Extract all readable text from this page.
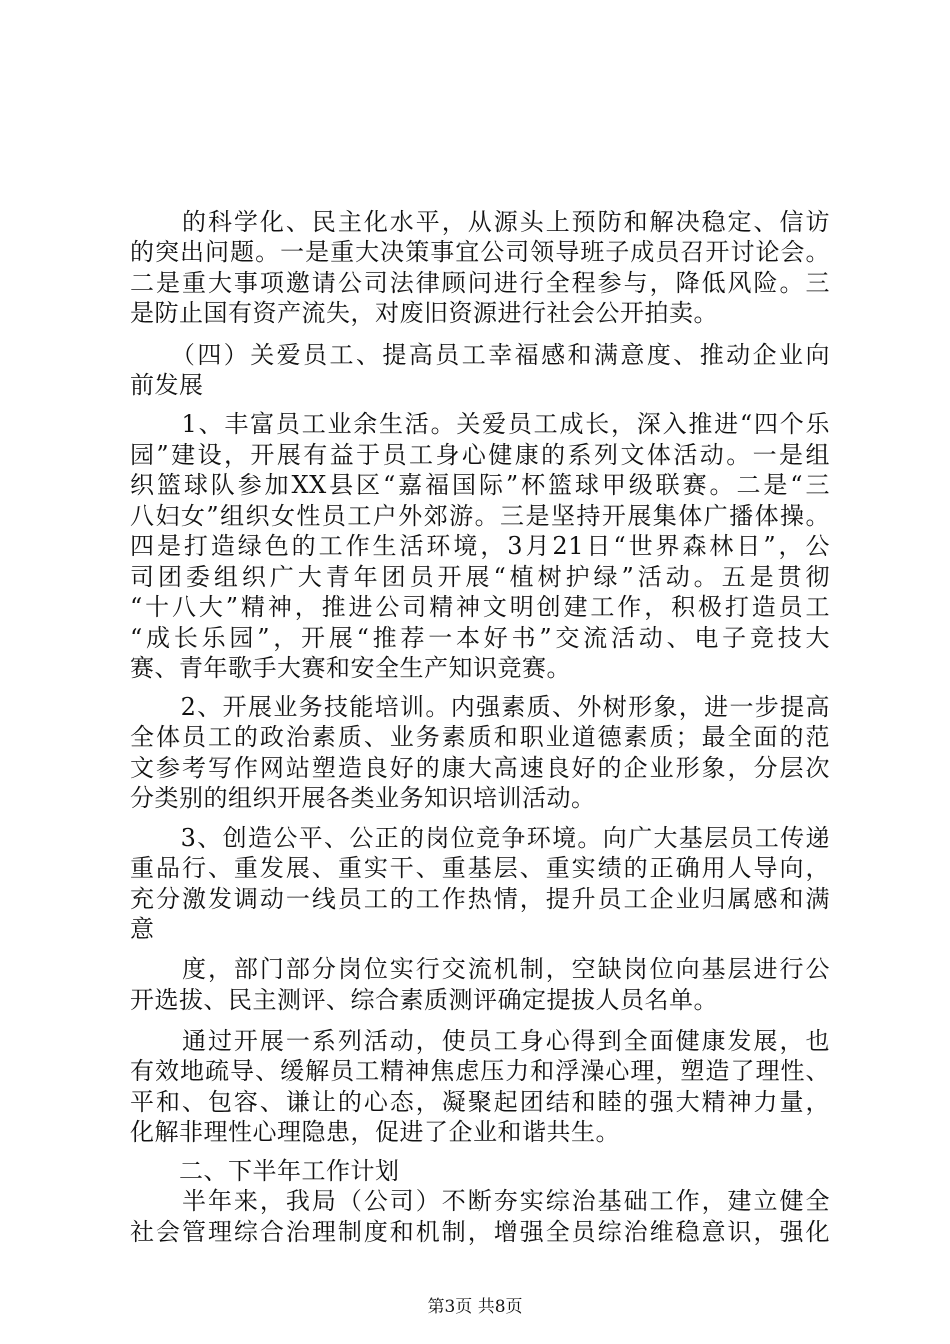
　　的科学化、民主化水平，从源头上预防和解决稳定、信访
的突出问题。一是重大决策事宜公司领导班子成员召开讨论会。
二是重大事项邀请公司法律顾问进行全程参与，降低风险。三
是防止国有资产流失，对废旧资源进行社会公开拍卖。
　　（四）关爱员工、提高员工幸福感和满意度、推动企业向
前发展
　　1、丰富员工业余生活。关爱员工成长，深入推进“四个乐
园”建设，开展有益于员工身心健康的系列文体活动。一是组
织篮球队参加XX县区“嘉福国际”杯篮球甲级联赛。二是“三
八妇女”组织女性员工户外郊游。三是坚持开展集体广播体操。
四是打造绿色的工作生活环境，3月21日“世界森林日”，公
司团委组织广大青年团员开展“植树护绿”活动。五是贯彻
“十八大”精神，推进公司精神文明创建工作，积极打造员工
“成长乐园”，开展“推荐一本好书”交流活动、电子竞技大
赛、青年歌手大赛和安全生产知识竞赛。
　　2、开展业务技能培训。内强素质、外树形象，进一步提高
全体员工的政治素质、业务素质和职业道德素质；最全面的范
文参考写作网站塑造良好的康大高速良好的企业形象，分层次
分类别的组织开展各类业务知识培训活动。
　　3、创造公平、公正的岗位竞争环境。向广大基层员工传递
重品行、重发展、重实干、重基层、重实绩的正确用人导向，
充分激发调动一线员工的工作热情，提升员工企业归属感和满
意
　　度，部门部分岗位实行交流机制，空缺岗位向基层进行公
开选拔、民主测评、综合素质测评确定提拔人员名单。
　　通过开展一系列活动，使员工身心得到全面健康发展，也
有效地疏导、缓解员工精神焦虑压力和浮澡心理，塑造了理性、
平和、包容、谦让的心态，凝聚起团结和睦的强大精神力量，
化解非理性心理隐患，促进了企业和谐共生。
　　二、下半年工作计划
　　半年来，我局（公司）不断夯实综治基础工作，建立健全
社会管理综合治理制度和机制，增强全员综治维稳意识，强化
第3页 共8页
